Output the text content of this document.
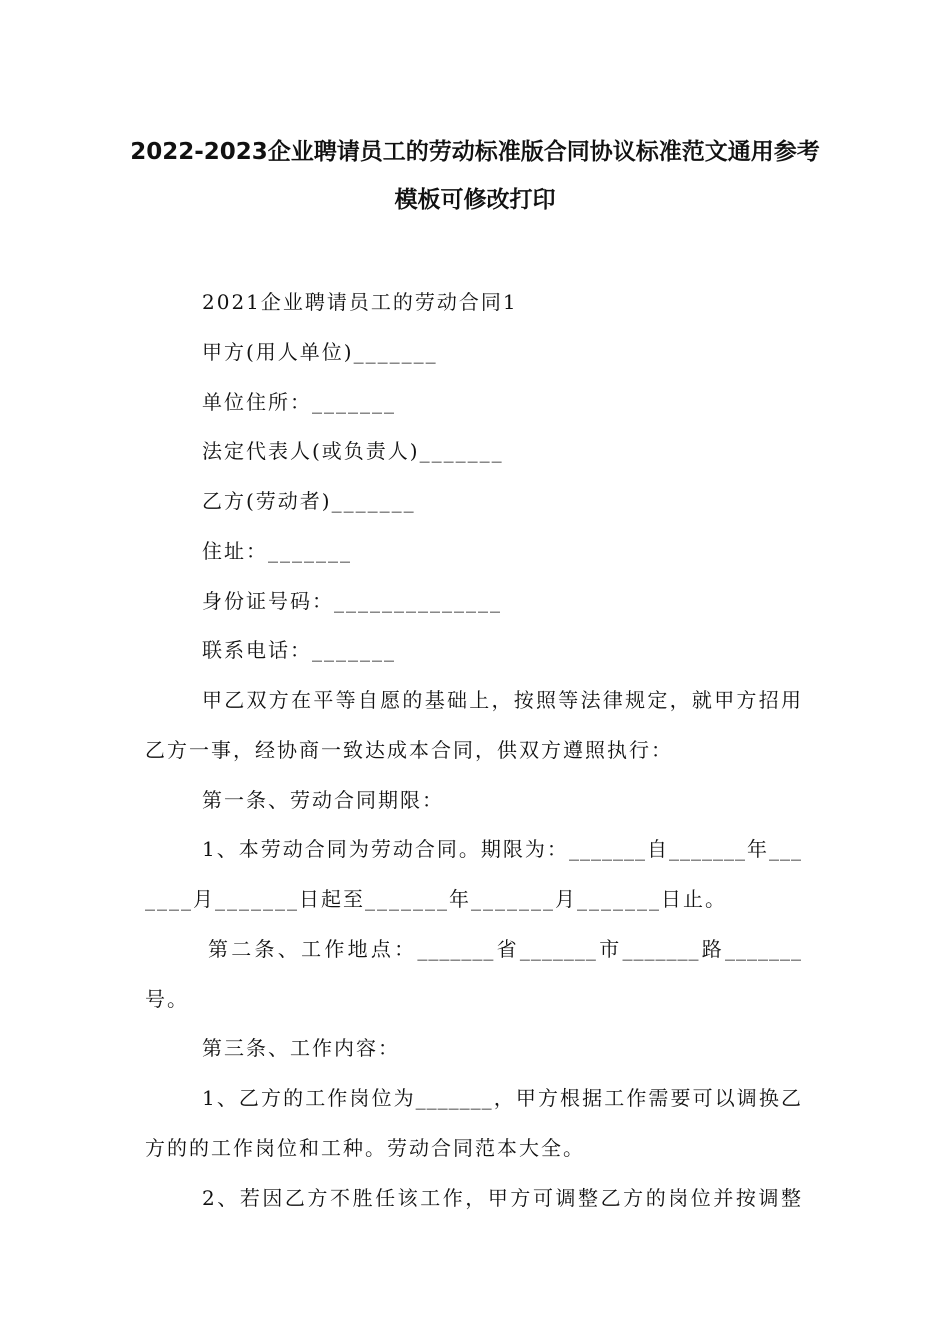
2022-2023企业聘请员工的劳动标准版合同协议标准范文通用参考
模板可修改打印
2021企业聘请员工的劳动合同1
甲方(用人单位)_______
单位住所：_______
法定代表人(或负责人)_______
乙方(劳动者)_______
住址：_______
身份证号码：______________
联系电话：_______
甲乙双方在平等自愿的基础上，按照等法律规定，就甲方招用
乙方一事，经协商一致达成本合同，供双方遵照执行：
第一条、劳动合同期限：
1、本劳动合同为劳动合同。期限为：_______自_______年___
____月_______日起至_______年_______月_______日止。
第二条、工作地点：_______省_______市_______路_______
号。
第三条、工作内容：
1、乙方的工作岗位为_______，甲方根据工作需要可以调换乙
方的的工作岗位和工种。劳动合同范本大全。
2、若因乙方不胜任该工作，甲方可调整乙方的岗位并按调整
